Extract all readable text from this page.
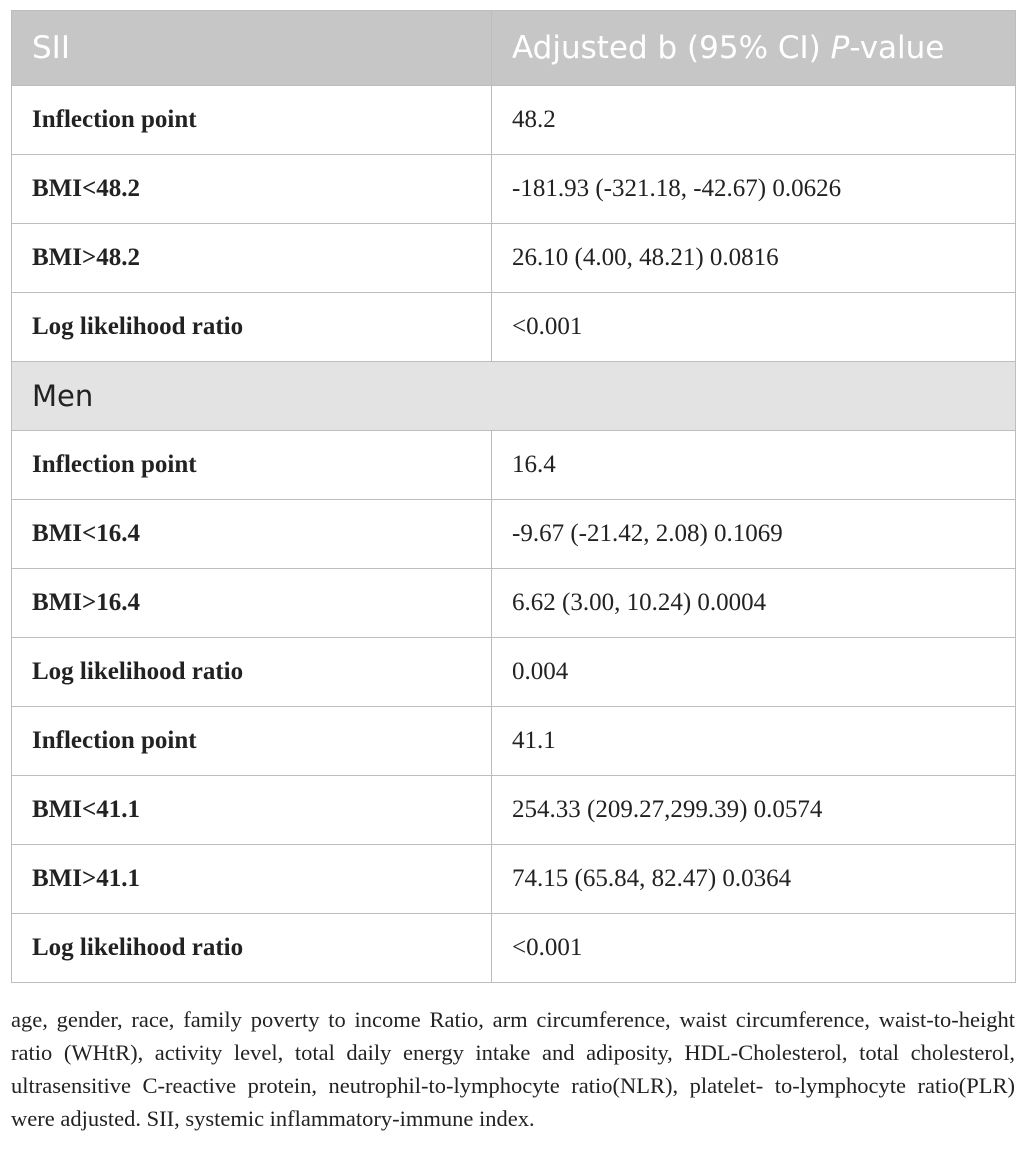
SII	Adjusted b (95% CI) P-value
Inflection point	48.2
BMI<48.2	-181.93 (-321.18, -42.67) 0.0626
BMI>48.2	26.10 (4.00, 48.21) 0.0816
Log likelihood ratio	<0.001
Men	
Inflection point	16.4
BMI<16.4	-9.67 (-21.42, 2.08) 0.1069
BMI>16.4	6.62 (3.00, 10.24) 0.0004
Log likelihood ratio	0.004
Inflection point	41.1
BMI<41.1	254.33 (209.27,299.39) 0.0574
BMI>41.1	74.15 (65.84, 82.47) 0.0364
Log likelihood ratio	<0.001

age, gender, race, family poverty to income Ratio, arm circumference, waist circumference, waist-to-height ratio (WHtR), activity level, total daily energy intake and adiposity, HDL-Cholesterol, total cholesterol, ultrasensitive C-reactive protein, neutrophil-to-lymphocyte ratio(NLR), platelet- to-lymphocyte ratio(PLR) were adjusted. SII, systemic inflammatory-immune index.
